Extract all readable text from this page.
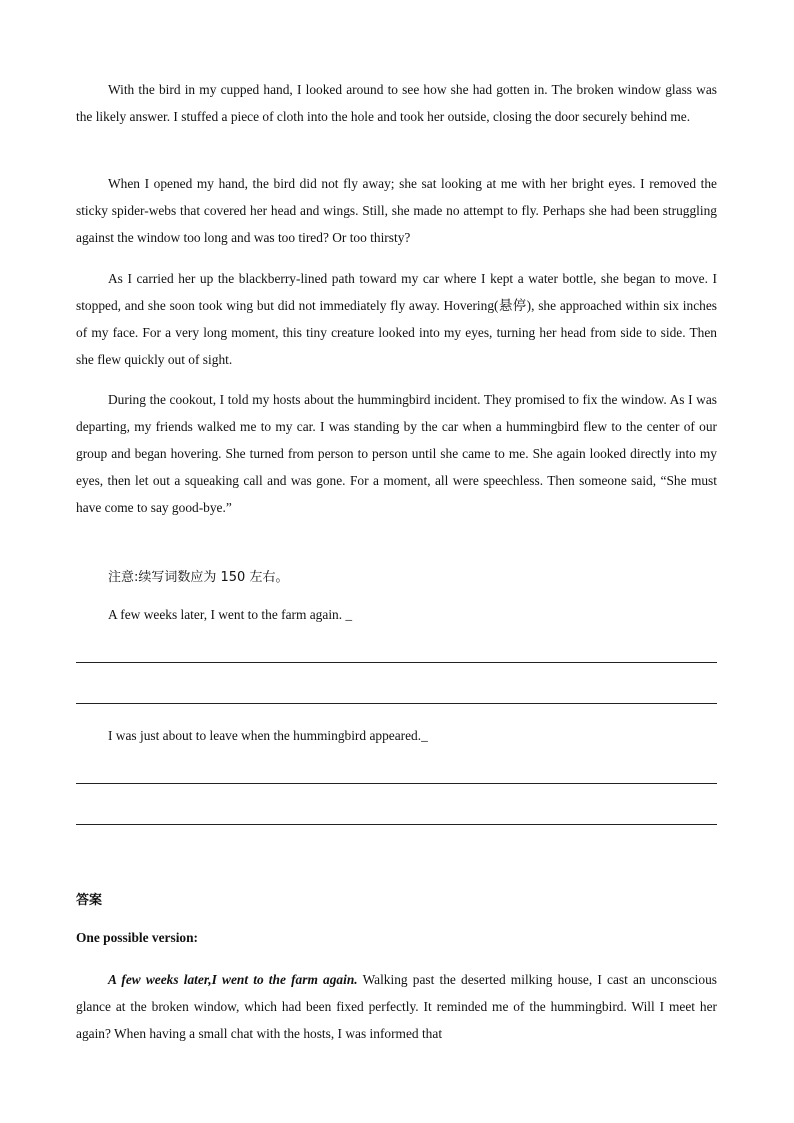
With the bird in my cupped hand, I looked around to see how she had gotten in. The broken window glass was the likely answer. I stuffed a piece of cloth into the hole and took her outside, closing the door securely behind me.

When I opened my hand, the bird did not fly away; she sat looking at me with her bright eyes. I removed the sticky spider-webs that covered her head and wings. Still, she made no attempt to fly. Perhaps she had been struggling against the window too long and was too tired? Or too thirsty?

As I carried her up the blackberry-lined path toward my car where I kept a water bottle, she began to move. I stopped, and she soon took wing but did not immediately fly away. Hovering(悬停), she approached within six inches of my face. For a very long moment, this tiny creature looked into my eyes, turning her head from side to side. Then she flew quickly out of sight.

During the cookout, I told my hosts about the hummingbird incident. They promised to fix the window. As I was departing, my friends walked me to my car. I was standing by the car when a hummingbird flew to the center of our group and began hovering. She turned from person to person until she came to me. She again looked directly into my eyes, then let out a squeaking call and was gone. For a moment, all were speechless. Then someone said, “She must have come to say good-bye.”

注意:续写词数应为 150 左右。
A few weeks later, I went to the farm again. _
I was just about to leave when the hummingbird appeared._
答案
One possible version:

A few weeks later,I went to the farm again. Walking past the deserted milking house, I cast an unconscious glance at the broken window, which had been fixed perfectly. It reminded me of the hummingbird. Will I meet her again? When having a small chat with the hosts, I was informed that
